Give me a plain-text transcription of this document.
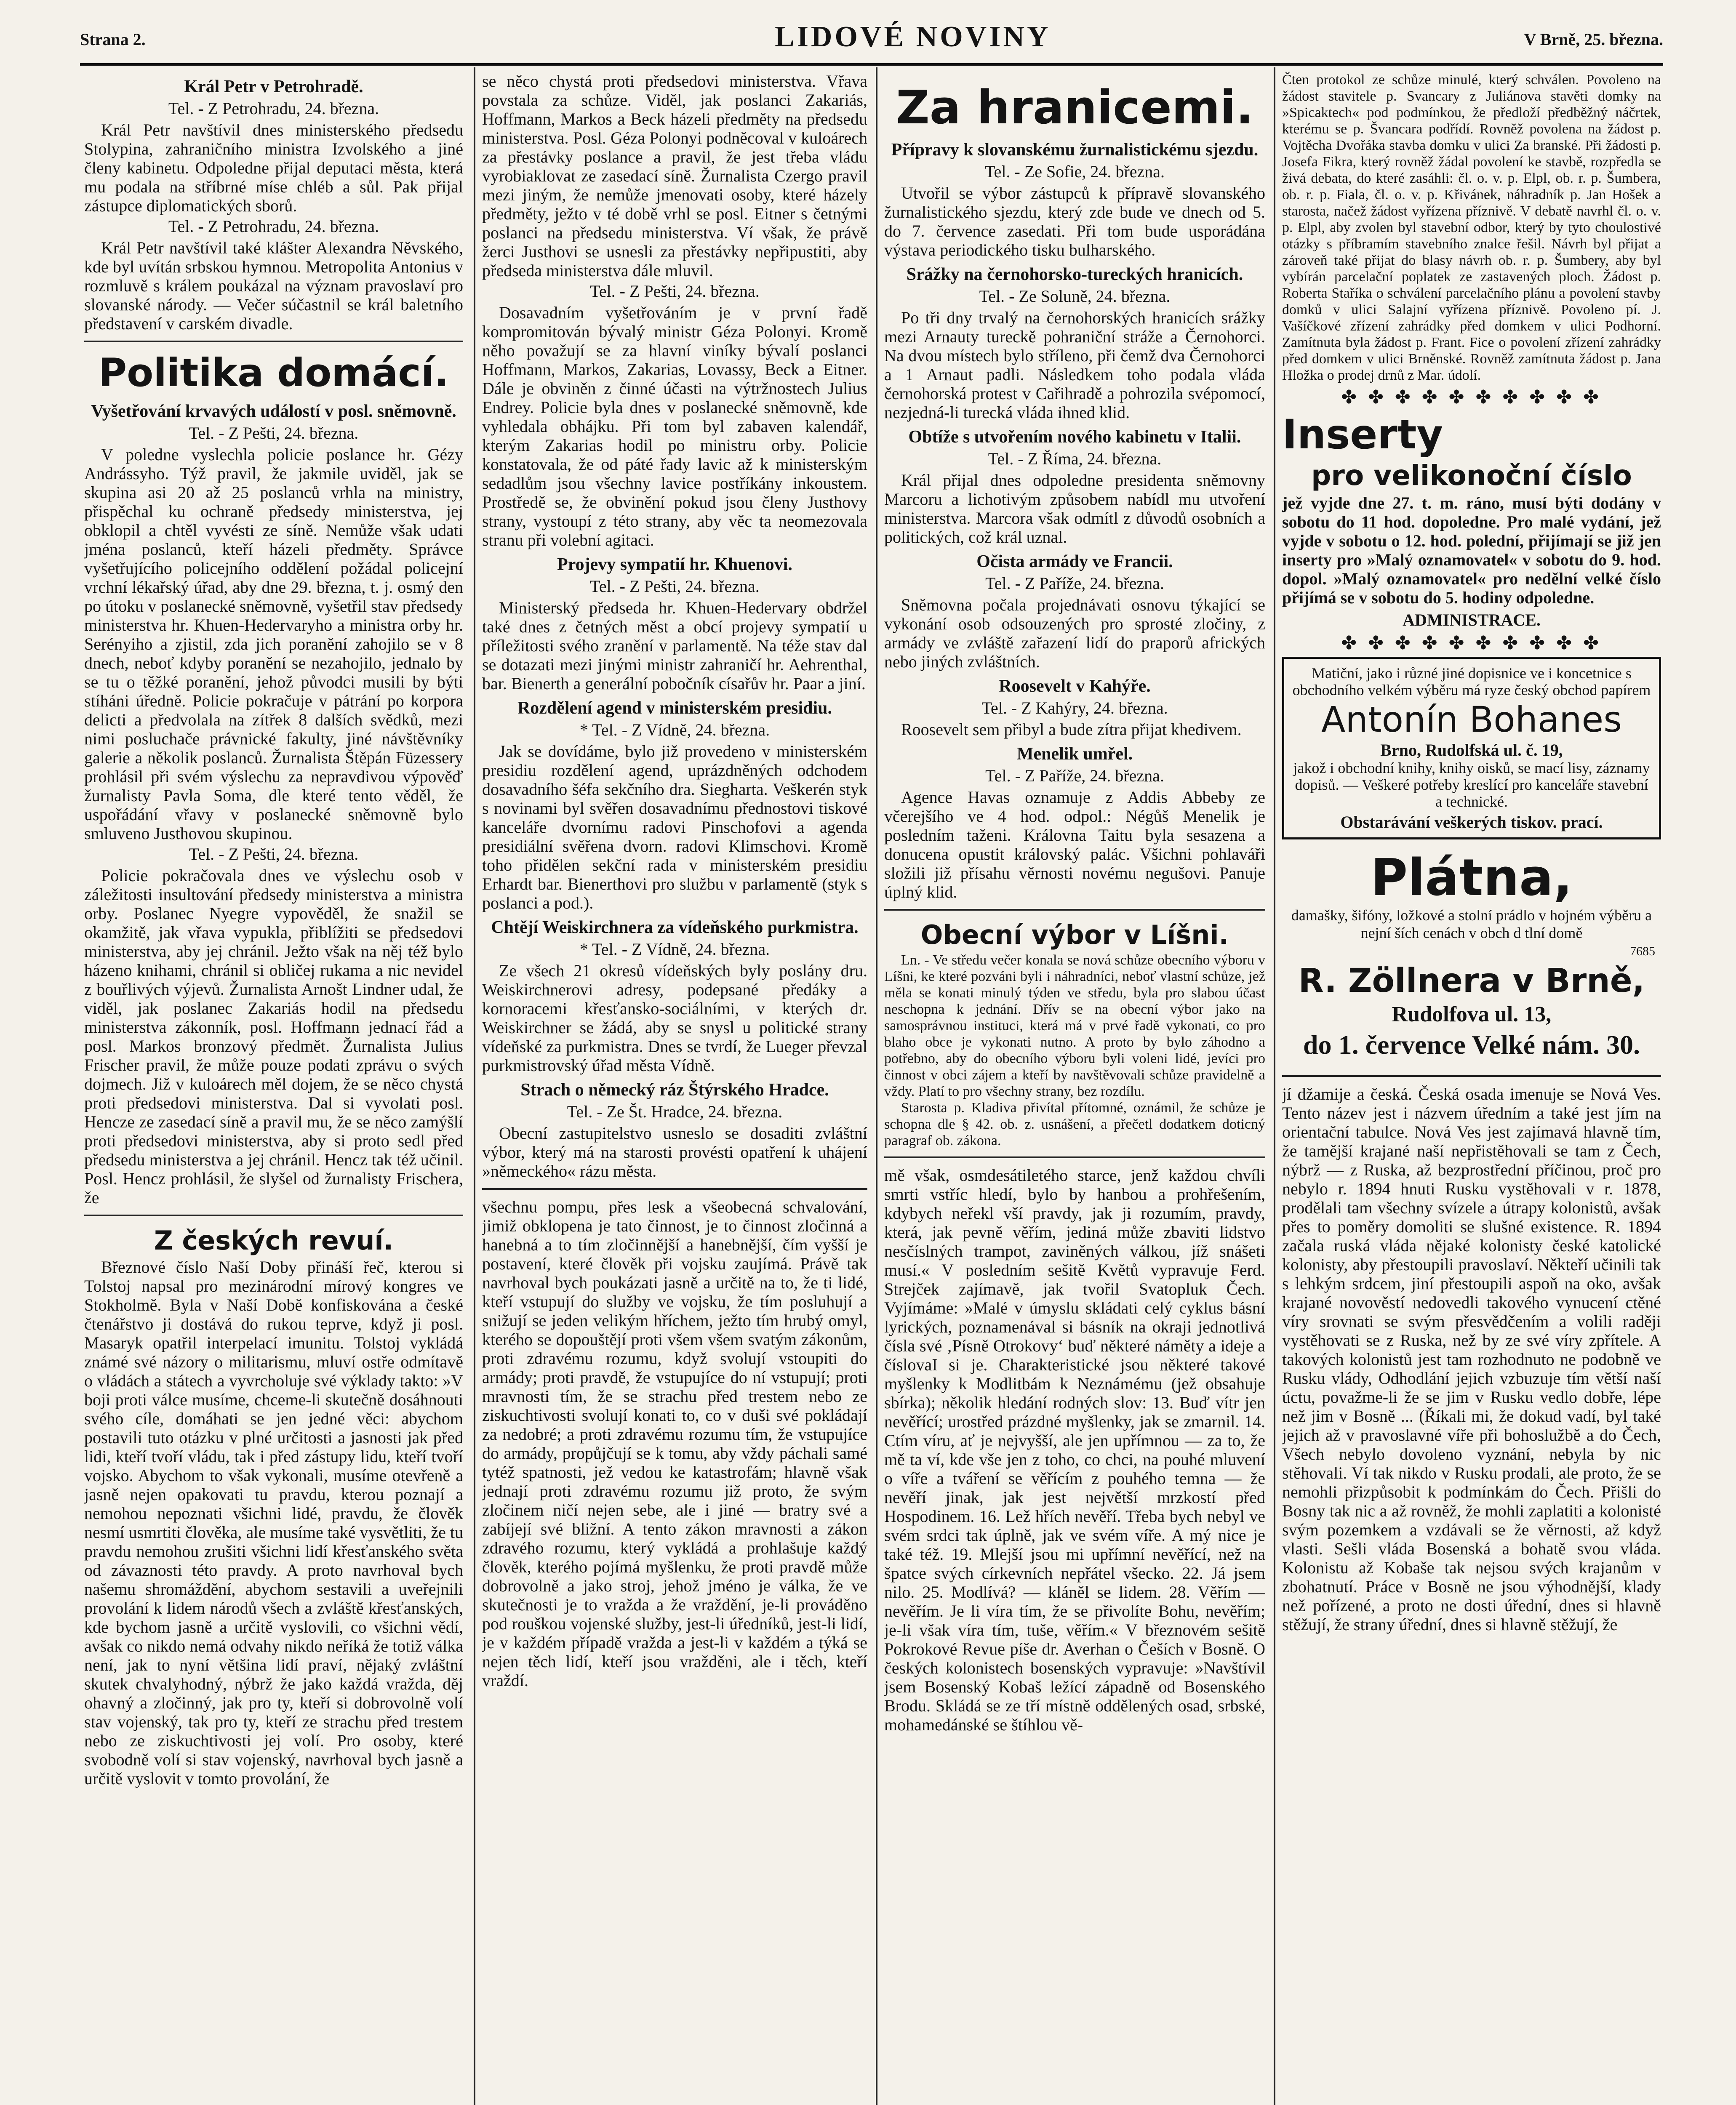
Strana 2.	LIDOVÉ NOVINY	V Brně, 25. března.
Král Petr v Petrohradě.
Tel. - Z Petrohradu, 24. března.

Král Petr navštívil dnes ministerského předsedu Stolypina, zahraničního ministra Izvolského a jiné členy kabinetu. Odpoledne přijal deputaci města, která mu podala na stříbrné míse chléb a sůl. Pak přijal zástupce diplomatických sborů.

Tel. - Z Petrohradu, 24. března.

Král Petr navštívil také klášter Alexandra Něvského, kde byl uvítán srbskou hymnou. Metropolita Antonius v rozmluvě s králem poukázal na význam pravoslaví pro slovanské národy. — Večer súčastnil se král baletního představení v carském divadle.

Politika domácí.
Vyšetřování krvavých událostí v posl. sněmovně.
Tel. - Z Pešti, 24. března.

V poledne vyslechla policie poslance hr. Gézy Andrássyho. Týž pravil, že jakmile uviděl, jak se skupina asi 20 až 25 poslanců vrhla na ministry, přispěchal ku ochraně předsedy ministerstva, jej obklopil a chtěl vyvésti ze síně. Nemůže však udati jména poslanců, kteří házeli předměty. Správce vyšetřujícího policejního oddělení požádal policejní vrchní lékařský úřad, aby dne 29. března, t. j. osmý den po útoku v poslanecké sněmovně, vyšetřil stav předsedy ministerstva hr. Khuen-Hedervaryho a ministra orby hr. Serényiho a zjistil, zda jich poranění zahojilo se v 8 dnech, neboť kdyby poranění se nezahojilo, jednalo by se tu o těžké poranění, jehož původci musili by býti stíháni úředně. Policie pokračuje v pátrání po korpora delicti a předvolala na zítřek 8 dalších svědků, mezi nimi posluchače právnické fakulty, jiné návštěvníky galerie a několik poslanců. Žurnalista Štěpán Füzessery prohlásil při svém výslechu za nepravdivou výpověď žurnalisty Pavla Soma, dle které tento věděl, že uspořádání vřavy v poslanecké sněmovně bylo smluveno Justhovou skupinou.

Tel. - Z Pešti, 24. března.

Policie pokračovala dnes ve výslechu osob v záležitosti insultování předsedy ministerstva a ministra orby. Poslanec Nyegre vypověděl, že snažil se okamžitě, jak vřava vypukla, přiblížiti se předsedovi ministerstva, aby jej chránil. Ježto však na něj též bylo házeno knihami, chránil si obličej rukama a nic nevidel z bouřlivých výjevů. Žurnalista Arnošt Lindner udal, že viděl, jak poslanec Zakariás hodil na předsedu ministerstva zákonník, posl. Hoffmann jednací řád a posl. Markos bronzový předmět. Žurnalista Julius Frischer pravil, že může pouze podati zprávu o svých dojmech. Již v kuloárech měl dojem, že se něco chystá proti předsedovi ministerstva. Dal si vyvolati posl. Hencze ze zasedací síně a pravil mu, že se něco zamýšlí proti předsedovi ministerstva, aby si proto sedl před předsedu ministerstva a jej chránil. Hencz tak též učinil. Posl. Hencz prohlásil, že slyšel od žurnalisty Frischera, že

Z českých revuí.

Březnové číslo Naší Doby přináší řeč, kterou si Tolstoj napsal pro mezinárodní mírový kongres ve Stokholmě. Byla v Naší Době konfiskována a české čtenářstvo ji dostává do rukou teprve, když ji posl. Masaryk opatřil interpelací imunitu. Tolstoj vykládá známé své názory o militarismu, mluví ostře odmítavě o vládách a státech a vyvrcholuje své výklady takto: »V boji proti válce musíme, chceme-li skutečně dosáhnouti svého cíle, domáhati se jen jedné věci: abychom postavili tuto otázku v plné určitosti a jasnosti jak před lidi, kteří tvoří vládu, tak i před zástupy lidu, kteří tvoří vojsko. Abychom to však vykonali, musíme otevřeně a jasně nejen opakovati tu pravdu, kterou poznají a nemohou nepoznati všichni lidé, pravdu, že člověk nesmí usmrtiti člověka, ale musíme také vysvětliti, že tu pravdu nemohou zrušiti všichni lidí křesťanského světa od závaznosti této pravdy. A proto navrhoval bych našemu shromáždění, abychom sestavili a uveřejnili provolání k lidem národů všech a zvláště křesťanských, kde bychom jasně a určitě vyslovili, co všichni vědí, avšak co nikdo nemá odvahy nikdo neříká že totiž válka není, jak to nyní většina lidí praví, nějaký zvláštní skutek chvalyhodný, nýbrž že jako každá vražda, děj ohavný a zločinný, jak pro ty, kteří si dobrovolně volí stav vojenský, tak pro ty, kteří ze strachu před trestem nebo ze ziskuchtivosti jej volí. Pro osoby, které svobodně volí si stav vojenský, navrhoval bych jasně a určitě vyslovit v tomto provolání, že

se něco chystá proti předsedovi ministerstva. Vřava povstala za schůze. Viděl, jak poslanci Zakariás, Hoffmann, Markos a Beck házeli předměty na předsedu ministerstva. Posl. Géza Polonyi podněcoval v kuloárech za přestávky poslance a pravil, že jest třeba vládu vyrobiaklovat ze zasedací síně. Žurnalista Czergo pravil mezi jiným, že nemůže jmenovati osoby, které házely předměty, ježto v té době vrhl se posl. Eitner s četnými poslanci na předsedu ministerstva. Ví však, že právě žerci Justhovi se usnesli za přestávky nepřipustiti, aby předseda ministerstva dále mluvil.

Tel. - Z Pešti, 24. března.

Dosavadním vyšetřováním je v první řadě kompromitován bývalý ministr Géza Polonyi. Kromě něho považují se za hlavní viníky bývalí poslanci Hoffmann, Markos, Zakarias, Lovassy, Beck a Eitner. Dále je obviněn z činné účasti na výtržnostech Julius Endrey. Policie byla dnes v poslanecké sněmovně, kde vyhledala obhájku. Při tom byl zabaven kalendář, kterým Zakarias hodil po ministru orby. Policie konstatovala, že od páté řady lavic až k ministerským sedadlům jsou všechny lavice postříkány inkoustem. Prostředě se, že obvinění pokud jsou členy Justhovy strany, vystoupí z této strany, aby věc ta neomezovala stranu při volební agitaci.

Projevy sympatií hr. Khuenovi.
Tel. - Z Pešti, 24. března.

Ministerský předseda hr. Khuen-Hedervary obdržel také dnes z četných měst a obcí projevy sympatií u příležitosti svého zranění v parlamentě. Na téže stav dal se dotazati mezi jinými ministr zahraničí hr. Aehrenthal, bar. Bienerth a generální pobočník císařův hr. Paar a jiní.

Rozdělení agend v ministerském presidiu.
* Tel. - Z Vídně, 24. března.

Jak se dovídáme, bylo již provedeno v ministerském presidiu rozdělení agend, uprázdněných odchodem dosavadního šéfa sekčního dra. Siegharta. Veškerén styk s novinami byl svěřen dosavadnímu přednostovi tiskové kanceláře dvornímu radovi Pinschofovi a agenda presidiální svěřena dvorn. radovi Klimschovi. Kromě toho přidělen sekční rada v ministerském presidiu Erhardt bar. Bienerthovi pro službu v parlamentě (styk s poslanci a pod.).

Chtějí Weiskirchnera za vídeňského purkmistra.
* Tel. - Z Vídně, 24. března.

Ze všech 21 okresů vídeňských byly poslány dru. Weiskirchnerovi adresy, podepsané předáky a kornoracemi křesťansko-sociálními, v kterých dr. Weiskirchner se žádá, aby se snysl u politické strany vídeňské za purkmistra. Dnes se tvrdí, že Lueger převzal purkmistrovský úřad města Vídně.

Strach o německý ráz Štýrského Hradce.
Tel. - Ze Št. Hradce, 24. března.

Obecní zastupitelstvo usneslo se dosaditi zvláštní výbor, který má na starosti provésti opatření k uhájení »německého« rázu města.

všechnu pompu, přes lesk a všeobecná schvalování, jimiž obklopena je tato činnost, je to činnost zločinná a hanebná a to tím zločinnější a hanebnější, čím vyšší je postavení, které člověk při vojsku zaujímá. Právě tak navrhoval bych poukázati jasně a určitě na to, že ti lidé, kteří vstupují do služby ve vojsku, že tím posluhují a snižují se jeden velikým hříchem, ježto tím hrubý omyl, kterého se dopouštějí proti všem všem svatým zákonům, proti zdravému rozumu, když svolují vstoupiti do armády; proti pravdě, že vstupujíce do ní vstupují; proti mravnosti tím, že se strachu před trestem nebo ze ziskuchtivosti svolují konati to, co v duši své pokládají za nedobré; a proti zdravému rozumu tím, že vstupujíce do armády, propůjčují se k tomu, aby vždy páchali samé tytéž spatnosti, jež vedou ke katastrofám; hlavně však jednají proti zdravému rozumu již proto, že svým zločinem ničí nejen sebe, ale i jiné — bratry své a zabíjejí své bližní. A tento zákon mravnosti a zákon zdravého rozumu, který vykládá a prohlašuje každý člověk, kterého pojímá myšlenku, že proti pravdě může dobrovolně a jako stroj, jehož jméno je válka, že ve skutečnosti je to vražda a že vraždění, je-li prováděno pod rouškou vojenské služby, jest-li úředníků, jest-li lidí, je v každém případě vražda a jest-li v každém a týká se nejen těch lidí, kteří jsou vražděni, ale i těch, kteří vraždí.

Za hranicemi.
Přípravy k slovanskému žurnalistickému sjezdu.
Tel. - Ze Sofie, 24. března.

Utvořil se výbor zástupců k přípravě slovanského žurnalistického sjezdu, který zde bude ve dnech od 5. do 7. července zasedati. Při tom bude usporádána výstava periodického tisku bulharského.

Srážky na černohorsko-tureckých hranicích.
Tel. - Ze Soluně, 24. března.

Po tři dny trvalý na černohorských hranicích srážky mezi Arnauty tureckě pohraniční stráže a Černohorci. Na dvou místech bylo stříleno, při čemž dva Černohorci a 1 Arnaut padli. Následkem toho podala vláda černohorská protest v Cařihradě a pohrozila svépomocí, nezjedná-li turecká vláda ihned klid.

Obtíže s utvořením nového kabinetu v Italii.
Tel. - Z Říma, 24. března.

Král přijal dnes odpoledne presidenta sněmovny Marcoru a lichotivým způsobem nabídl mu utvoření ministerstva. Marcora však odmítl z důvodů osobních a politických, což král uznal.

Očista armády ve Francii.
Tel. - Z Paříže, 24. března.

Sněmovna počala projednávati osnovu týkající se vykonání osob odsouzených pro sprosté zločiny, z armády ve zvláště zařazení lidí do praporů afrických nebo jiných zvláštních.

Roosevelt v Kahýře.
Tel. - Z Kahýry, 24. března.

Roosevelt sem přibyl a bude zítra přijat khedivem.

Menelik umřel.
Tel. - Z Paříže, 24. března.

Agence Havas oznamuje z Addis Abbeby ze včerejšího ve 4 hod. odpol.: Négůš Menelik je posledním taženi. Královna Taitu byla sesazena a donucena opustit královský palác. Všichni pohlaváři složili již přísahu věrnosti novému negušovi. Panuje úplný klid.

Obecní výbor v Líšni.

Ln. - Ve středu večer konala se nová schůze obecního výboru v Líšni, ke které pozváni byli i náhradníci, neboť vlastní schůze, jež měla se konati minulý týden ve středu, byla pro slabou účast neschopna k jednání. Dřív se na obecní výbor jako na samosprávnou instituci, která má v prvé řadě vykonati, co pro blaho obce je vykonati nutno. A proto by bylo záhodno a potřebno, aby do obecního výboru byli voleni lidé, jevíci pro činnost v obci zájem a kteří by navštěvovali schůze pravidelně a vždy. Platí to pro všechny strany, bez rozdílu.

Starosta p. Kladiva přivítal přítomné, oznámil, že schůze je schopna dle § 42. ob. z. usnášení, a přečetl dodatkem doticný paragraf ob. zákona.

mě však, osmdesátiletého starce, jenž každou chvíli smrti vstříc hledí, bylo by hanbou a prohřešením, kdybych neřekl vší pravdy, jak ji rozumím, pravdy, která, jak pevně věřím, jediná může zbaviti lidstvo nesčíslných trampot, zaviněných válkou, jíž snášeti musí.« V posledním sešitě Květů vypravuje Ferd. Strejček zajímavě, jak tvořil Svatopluk Čech. Vyjímáme: »Malé v úmyslu skládati celý cyklus básní lyrických, poznamenával si básník na okraji jednotlivá čísla své ‚Písně Otrokovy‘ buď některé náměty a ideje a číslovaI si je. Charakteristické jsou některé takové myšlenky k Modlitbám k Neznámému (jež obsahuje sbírka); několik hledání rodných slov: 13. Buď vítr jen nevěřící; urostřed prázdné myšlenky, jak se zmarnil. 14. Ctím víru, ať je nejvyšší, ale jen upřímnou — za to, že mě ta ví, kde vše jen z toho, co chci, na pouhé mluvení o víře a tváření se věřícím z pouhého temna — že nevěří jinak, jak jest největší mrzkostí před Hospodinem. 16. Lež hřích nevěří. Třeba bych nebyl ve svém srdci tak úplně, jak ve svém víře. A mý nice je také též. 19. Mlejší jsou mi upřímní nevěřící, než na špatce svých církevních nepřátel všecko. 22. Já jsem nilo. 25. Modlívá? — kláněl se lidem. 28. Věřím — nevěřím. Je li víra tím, že se přivolíte Bohu, nevěřím; je-li však víra tím, tuše, věřím.« V březnovém sešitě Pokrokové Revue píše dr. Averhan o Češích v Bosně. O českých kolonistech bosenských vypravuje: »Navštívil jsem Bosenský Kobaš ležící západně od Bosenského Brodu. Skládá se ze tří místně oddělených osad, srbské, mohamedánské se štíhlou vě-

Čten protokol ze schůze minulé, který schválen. Povoleno na žádost stavitele p. Svancary z Juliánova stavěti domky na »Spicaktech« pod podmínkou, že předloží předběžný náčrtek, kterému se p. Švancara podřídí. Rovněž povolena na žádost p. Vojtěcha Dvořáka stavba domku v ulici Za branské. Při žádosti p. Josefa Fikra, který rovněž žádal povolení ke stavbě, rozpředla se živá debata, do které zasáhli: čl. o. v. p. Elpl, ob. r. p. Šumbera, ob. r. p. Fiala, čl. o. v. p. Křivánek, náhradník p. Jan Hošek a starosta, načež žádost vyřízena příznivě. V debatě navrhl čl. o. v. p. Elpl, aby zvolen byl stavební odbor, který by tyto choulostivé otázky s příbramím stavebního znalce řešil. Návrh byl přijat a zároveň také přijat do blasy návrh ob. r. p. Šumbery, aby byl vybírán parcelační poplatek ze zastavených ploch. Žádost p. Roberta Staříka o schválení parcelačního plánu a povolení stavby domků v ulici Salajní vyřízena příznivě. Povoleno pí. J. Vašíčkové zřízení zahrádky před domkem v ulici Podhorní. Zamítnuta byla žádost p. Frant. Fice o povolení zřízení zahrádky před domkem v ulici Brněnské. Rovněž zamítnuta žádost p. Jana Hložka o prodej drnů z Mar. údolí.

✤ ✤ ✤ ✤ ✤ ✤ ✤ ✤ ✤ ✤
Inserty
pro velikonoční číslo

jež vyjde dne 27. t. m. ráno, musí býti dodány v sobotu do 11 hod. dopoledne. Pro malé vydání, jež vyjde v sobotu o 12. hod. polední, přijímají se již jen inserty pro »Malý oznamovatel« v sobotu do 9. hod. dopol. »Malý oznamovatel« pro nedělní velké číslo přijímá se v sobotu do 5. hodiny odpoledne.

ADMINISTRACE.
✤ ✤ ✤ ✤ ✤ ✤ ✤ ✤ ✤ ✤
Matiční, jako i různé jiné dopisnice ve i koncetnice s obchodního velkém výběru má ryze český obchod papírem
Antonín Bohanes
Brno, Rudolfská ul. č. 19,
jakož i obchodní knihy, knihy oisků, se mací lisy, záznamy dopisů. — Veškeré potřeby kreslící pro kanceláře stavební a technické.
Obstarávání veškerých tiskov. prací.
Plátna,
damašky, šifóny, ložkové a stolní prádlo v hojném výběru a nejní ších cenách v obch d tlní domě
7685
R. Zöllnera v Brně,
Rudolfova ul. 13,
do 1. července Velké nám. 30.

jí džamije a česká. Česká osada imenuje se Nová Ves. Tento název jest i názvem úředním a také jest jím na orientační tabulce. Nová Ves jest zajímavá hlavně tím, že tamější krajané naší nepřistěhovali se tam z Čech, nýbrž — z Ruska, až bezprostřední příčinou, proč pro nebylo r. 1894 hnuti Rusku vystěhovali v r. 1878, prodělali tam všechny svízele a útrapy kolonistů, avšak přes to poměry domoliti se slušné existence. R. 1894 začala ruská vláda nějaké kolonisty české katolické kolonisty, aby přestoupili pravoslaví. Někteří učinili tak s lehkým srdcem, jiní přestoupili aspoň na oko, avšak krajané novověstí nedovedli takového vynucení ctěné víry srovnati se svým přesvědčením a volili raději vystěhovati se z Ruska, než by ze své víry zpřítele. A takových kolonistů jest tam rozhodnuto ne podobně ve Rusku vlády, Odhodlání jejich vzbuzuje tím větší naší úctu, považme-li že se jim v Rusku vedlo dobře, lépe než jim v Bosně ... (Říkali mi, že dokud vadí, byl také jejich až v pravoslavné víře při bohoslužbě a do Čech, Všech nebylo dovoleno vyznání, nebyla by nic stěhovali. Ví tak nikdo v Rusku prodali, ale proto, že se nemohli přizpůsobit k podmínkám do Čech. Přišli do Bosny tak nic a až rovněž, že mohli zaplatiti a kolonisté svým pozemkem a vzdávali se že věrnosti, až když vlasti. Sešli vláda Bosenská a bohatě svou vláda. Kolonistu až Kobaše tak nejsou svých krajanům v zbohatnutí. Práce v Bosně ne jsou výhodnější, klady než pořízené, a proto ne dosti úřední, dnes si hlavně stěžují, že strany úřední, dnes si hlavně stěžují, že
